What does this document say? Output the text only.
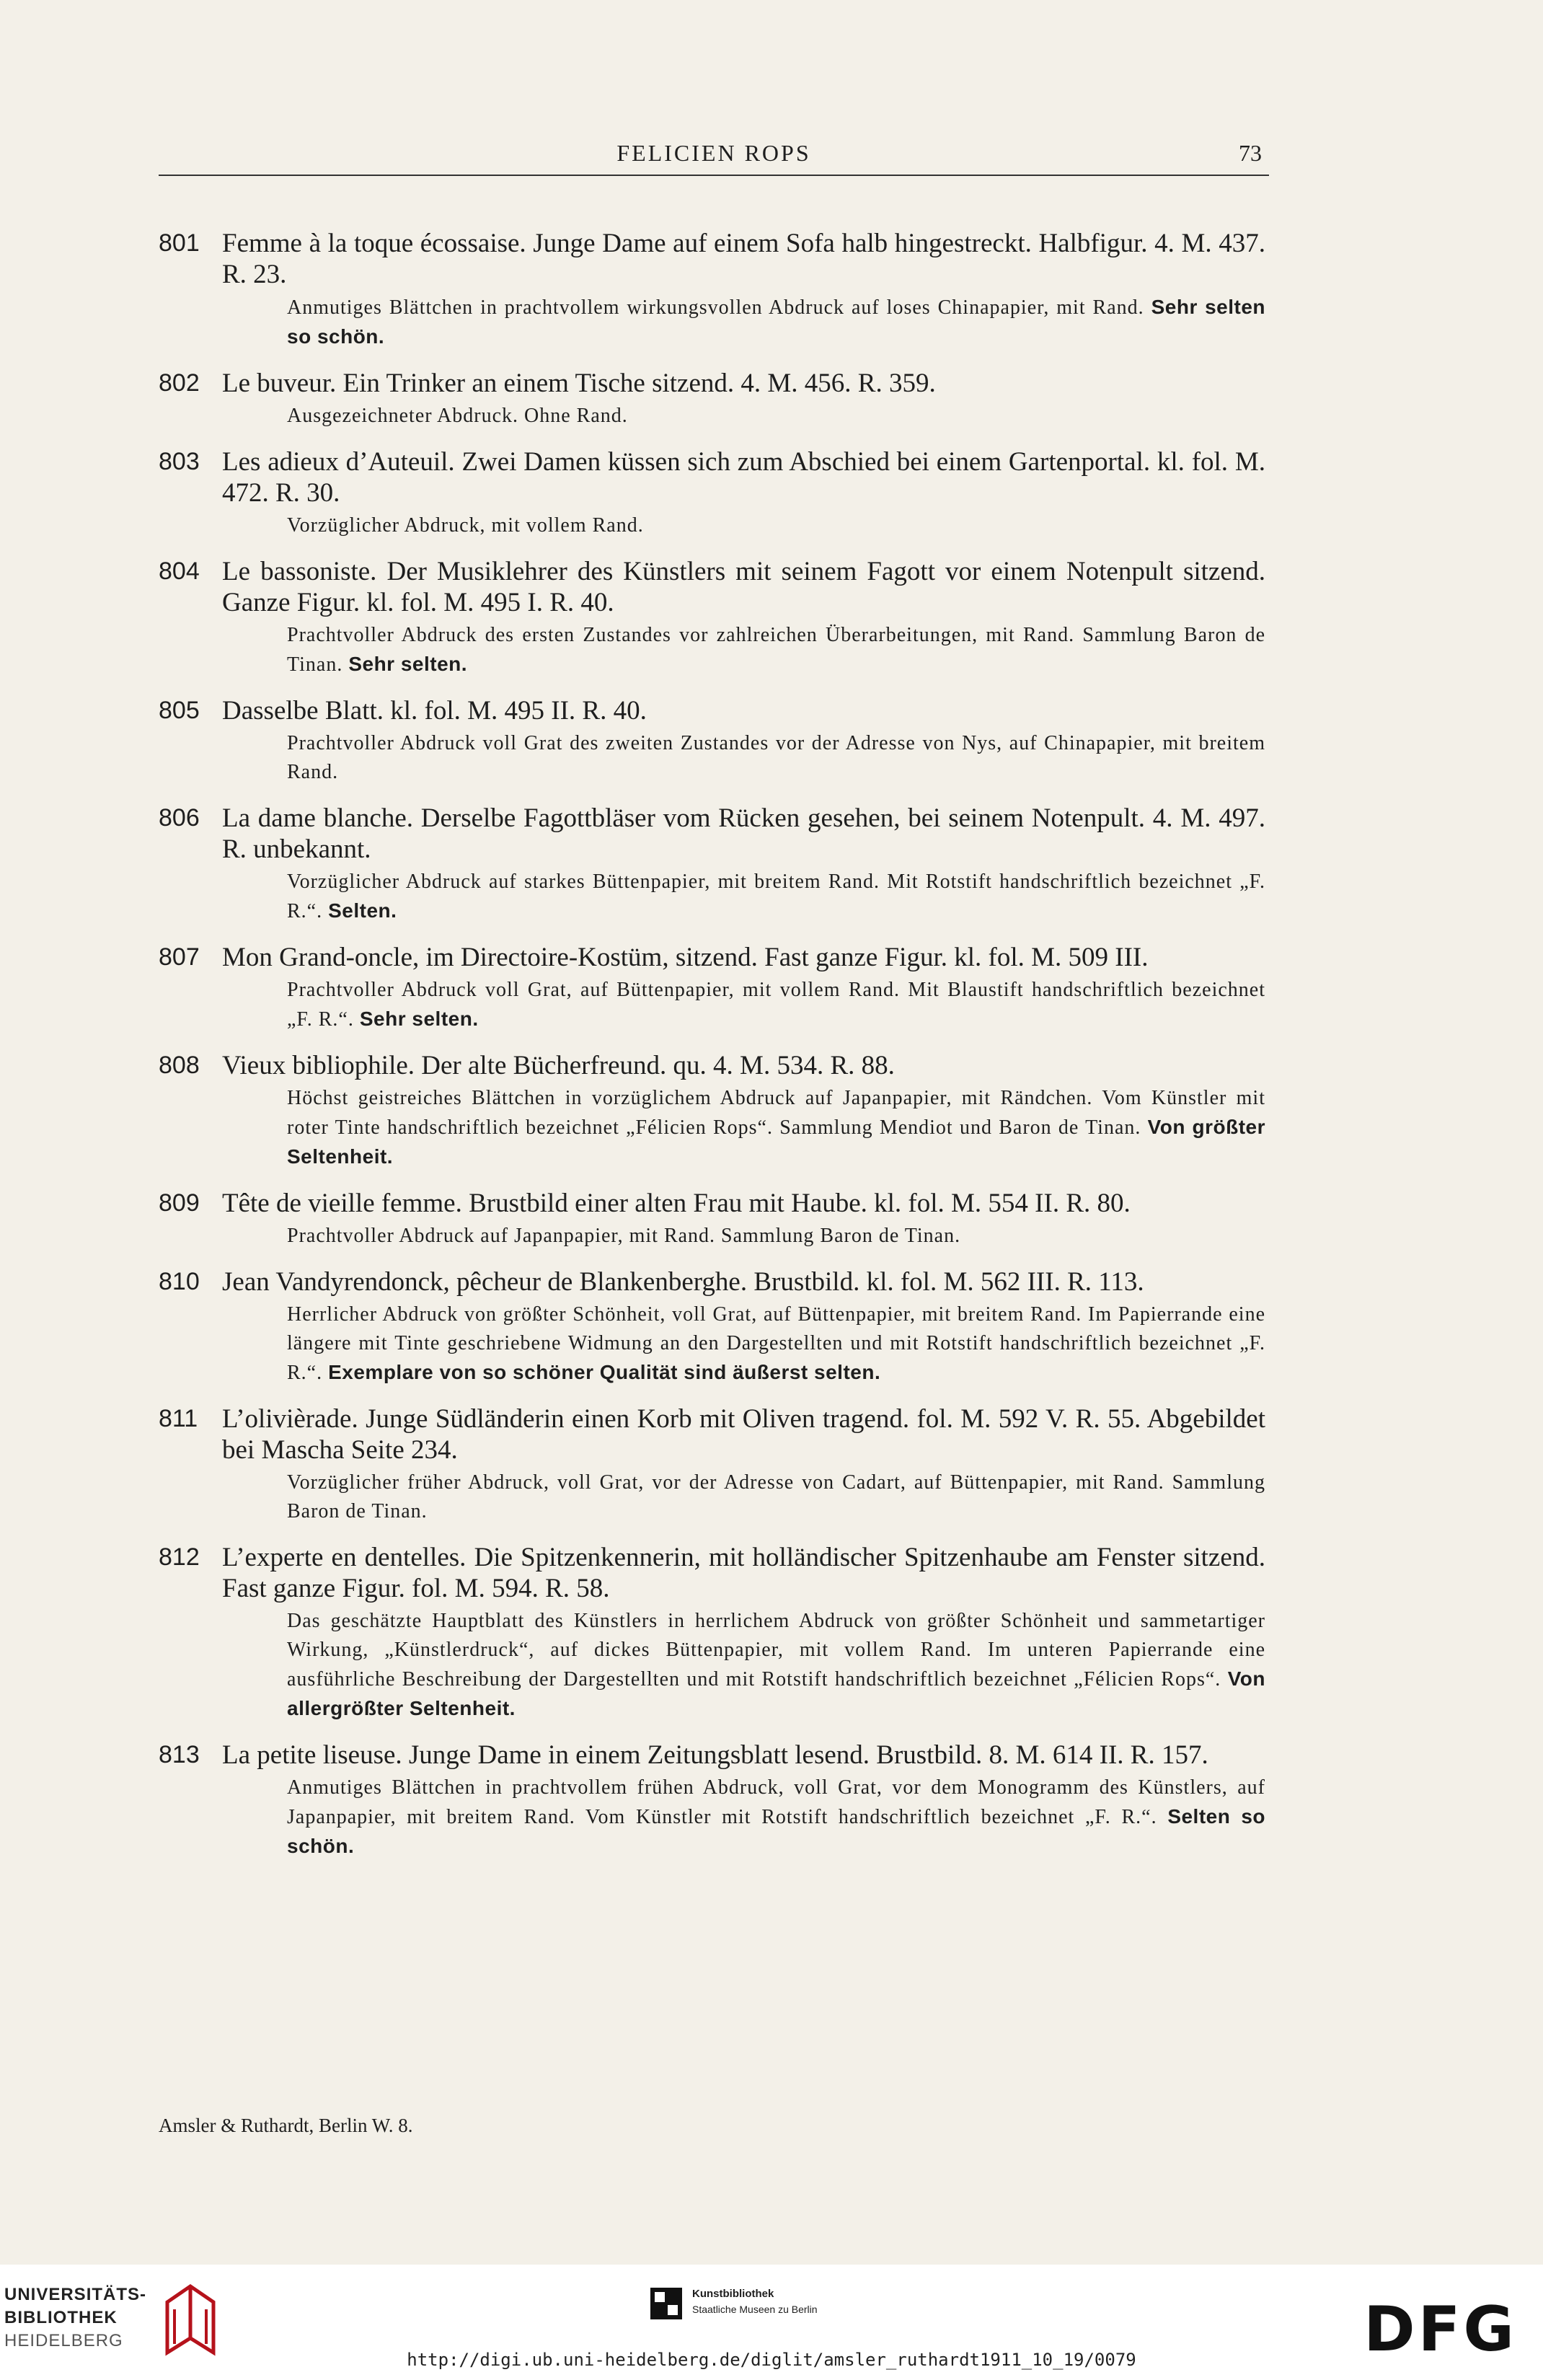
FELICIEN ROPS	73
801 Femme à la toque écossaise. Junge Dame auf einem Sofa halb hingestreckt. Halbfigur. 4. M. 437. R. 23.
Anmutiges Blättchen in prachtvollem wirkungsvollen Abdruck auf loses Chinapapier, mit Rand. Sehr selten so schön.
802 Le buveur. Ein Trinker an einem Tische sitzend. 4. M. 456. R. 359.
Ausgezeichneter Abdruck. Ohne Rand.
803 Les adieux d’Auteuil. Zwei Damen küssen sich zum Abschied bei einem Gartenportal. kl. fol. M. 472. R. 30.
Vorzüglicher Abdruck, mit vollem Rand.
804 Le bassoniste. Der Musiklehrer des Künstlers mit seinem Fagott vor einem Notenpult sitzend. Ganze Figur. kl. fol. M. 495 I. R. 40.
Prachtvoller Abdruck des ersten Zustandes vor zahlreichen Überarbeitungen, mit Rand. Sammlung Baron de Tinan. Sehr selten.
805 Dasselbe Blatt. kl. fol. M. 495 II. R. 40.
Prachtvoller Abdruck voll Grat des zweiten Zustandes vor der Adresse von Nys, auf Chinapapier, mit breitem Rand.
806 La dame blanche. Derselbe Fagottbläser vom Rücken gesehen, bei seinem Notenpult. 4. M. 497. R. unbekannt.
Vorzüglicher Abdruck auf starkes Büttenpapier, mit breitem Rand. Mit Rotstift handschriftlich bezeichnet „F. R.“. Selten.
807 Mon Grand-oncle, im Directoire-Kostüm, sitzend. Fast ganze Figur. kl. fol. M. 509 III.
Prachtvoller Abdruck voll Grat, auf Büttenpapier, mit vollem Rand. Mit Blaustift handschriftlich bezeichnet „F. R.“. Sehr selten.
808 Vieux bibliophile. Der alte Bücherfreund. qu. 4. M. 534. R. 88.
Höchst geistreiches Blättchen in vorzüglichem Abdruck auf Japanpapier, mit Rändchen. Vom Künstler mit roter Tinte handschriftlich bezeichnet „Félicien Rops“. Sammlung Mendiot und Baron de Tinan. Von größter Seltenheit.
809 Tête de vieille femme. Brustbild einer alten Frau mit Haube. kl. fol. M. 554 II. R. 80.
Prachtvoller Abdruck auf Japanpapier, mit Rand. Sammlung Baron de Tinan.
810 Jean Vandyrendonck, pêcheur de Blankenberghe. Brustbild. kl. fol. M. 562 III. R. 113.
Herrlicher Abdruck von größter Schönheit, voll Grat, auf Büttenpapier, mit breitem Rand. Im Papierrande eine längere mit Tinte geschriebene Widmung an den Dargestellten und mit Rotstift handschriftlich bezeichnet „F. R.“. Exemplare von so schöner Qualität sind äußerst selten.
811 L’olivièrade. Junge Südländerin einen Korb mit Oliven tragend. fol. M. 592 V. R. 55. Abgebildet bei Mascha Seite 234.
Vorzüglicher früher Abdruck, voll Grat, vor der Adresse von Cadart, auf Büttenpapier, mit Rand. Sammlung Baron de Tinan.
812 L’experte en dentelles. Die Spitzenkennerin, mit holländischer Spitzenhaube am Fenster sitzend. Fast ganze Figur. fol. M. 594. R. 58.
Das geschätzte Hauptblatt des Künstlers in herrlichem Abdruck von größter Schönheit und sammetartiger Wirkung, „Künstlerdruck“, auf dickes Büttenpapier, mit vollem Rand. Im unteren Papierrande eine ausführliche Beschreibung der Dargestellten und mit Rotstift handschriftlich bezeichnet „Félicien Rops“. Von allergrößter Seltenheit.
813 La petite liseuse. Junge Dame in einem Zeitungsblatt lesend. Brustbild. 8. M. 614 II. R. 157.
Anmutiges Blättchen in prachtvollem frühen Abdruck, voll Grat, vor dem Monogramm des Künstlers, auf Japanpapier, mit breitem Rand. Vom Künstler mit Rotstift handschriftlich bezeichnet „F. R.“. Selten so schön.
Amsler & Ruthardt, Berlin W. 8.
UNIVERSITÄTS-
BIBLIOTHEK
HEIDELBERG
Kunstbibliothek
Staatliche Museen zu Berlin	DFG
http://digi.ub.uni-heidelberg.de/diglit/amsler_ruthardt1911_10_19/0079
